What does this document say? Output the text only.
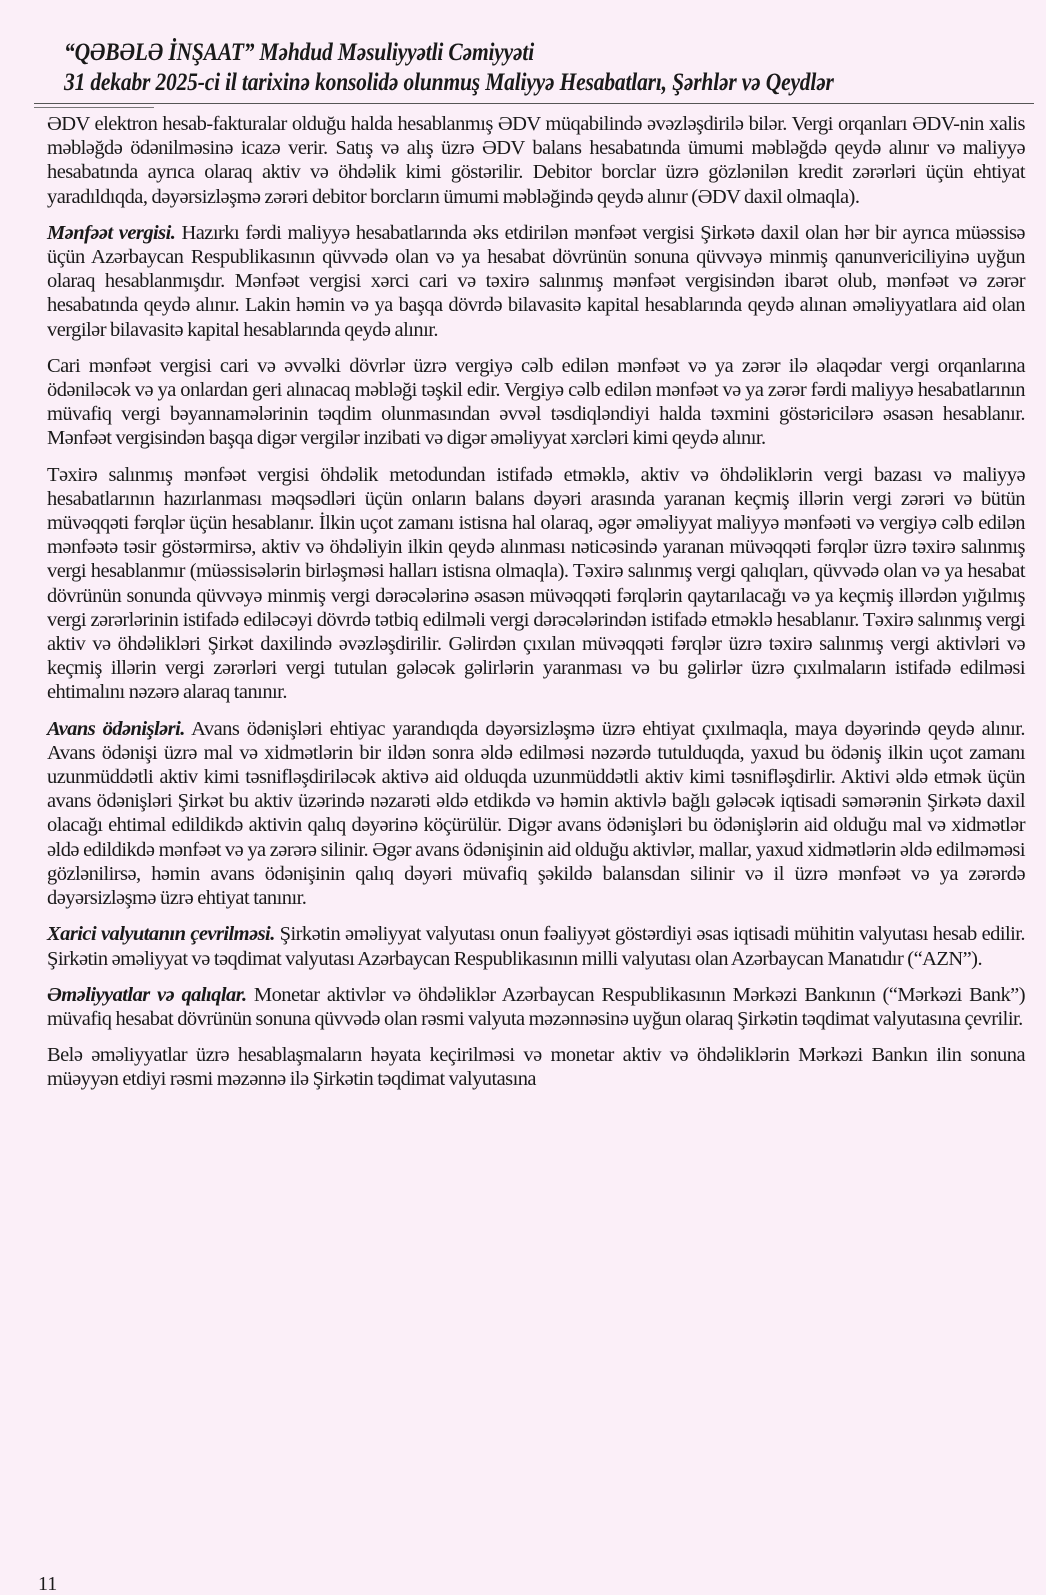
“QƏBƏLƏ İNŞAAT” Məhdud Məsuliyyətli Cəmiyyəti
31 dekabr 2025-ci il tarixinə konsolidə olunmuş Maliyyə Hesabatları, Şərhlər və Qeydlər

ƏDV elektron hesab-fakturalar olduğu halda hesablanmış ƏDV müqabilində əvəzləşdirilə bilər. Vergi orqanları ƏDV-nin xalis məbləğdə ödənilməsinə icazə verir. Satış və alış üzrə ƏDV balans hesabatında ümumi məbləğdə qeydə alınır və maliyyə hesabatında ayrıca olaraq aktiv və öhdəlik kimi göstərilir. Debitor borclar üzrə gözlənilən kredit zərərləri üçün ehtiyat yaradıldıqda, dəyərsizləşmə zərəri debitor borcların ümumi məbləğində qeydə alınır (ƏDV daxil olmaqla).

Mənfəət vergisi. Hazırkı fərdi maliyyə hesabatlarında əks etdirilən mənfəət vergisi Şirkətə daxil olan hər bir ayrıca müəssisə üçün Azərbaycan Respublikasının qüvvədə olan və ya hesabat dövrünün sonuna qüvvəyə minmiş qanunvericiliyinə uyğun olaraq hesablanmışdır. Mənfəət vergisi xərci cari və təxirə salınmış mənfəət vergisindən ibarət olub, mənfəət və zərər hesabatında qeydə alınır. Lakin həmin və ya başqa dövrdə bilavasitə kapital hesablarında qeydə alınan əməliyyatlara aid olan vergilər bilavasitə kapital hesablarında qeydə alınır.

Cari mənfəət vergisi cari və əvvəlki dövrlər üzrə vergiyə cəlb edilən mənfəət və ya zərər ilə əlaqədar vergi orqanlarına ödəniləcək və ya onlardan geri alınacaq məbləği təşkil edir. Vergiyə cəlb edilən mənfəət və ya zərər fərdi maliyyə hesabatlarının müvafiq vergi bəyannamələrinin təqdim olunmasından əvvəl təsdiqləndiyi halda təxmini göstəricilərə əsasən hesablanır. Mənfəət vergisindən başqa digər vergilər inzibati və digər əməliyyat xərcləri kimi qeydə alınır.

Təxirə salınmış mənfəət vergisi öhdəlik metodundan istifadə etməklə, aktiv və öhdəliklərin vergi bazası və maliyyə hesabatlarının hazırlanması məqsədləri üçün onların balans dəyəri arasında yaranan keçmiş illərin vergi zərəri və bütün müvəqqəti fərqlər üçün hesablanır. İlkin uçot zamanı istisna hal olaraq, əgər əməliyyat maliyyə mənfəəti və vergiyə cəlb edilən mənfəətə təsir göstərmirsə, aktiv və öhdəliyin ilkin qeydə alınması nəticəsində yaranan müvəqqəti fərqlər üzrə təxirə salınmış vergi hesablanmır (müəssisələrin birləşməsi halları istisna olmaqla). Təxirə salınmış vergi qalıqları, qüvvədə olan və ya hesabat dövrünün sonunda qüvvəyə minmiş vergi dərəcələrinə əsasən müvəqqəti fərqlərin qaytarılacağı və ya keçmiş illərdən yığılmış vergi zərərlərinin istifadə ediləcəyi dövrdə tətbiq edilməli vergi dərəcələrindən istifadə etməklə hesablanır. Təxirə salınmış vergi aktiv və öhdəlikləri Şirkət daxilində əvəzləşdirilir. Gəlirdən çıxılan müvəqqəti fərqlər üzrə təxirə salınmış vergi aktivləri və keçmiş illərin vergi zərərləri vergi tutulan gələcək gəlirlərin yaranması və bu gəlirlər üzrə çıxılmaların istifadə edilməsi ehtimalını nəzərə alaraq tanınır.

Avans ödənişləri. Avans ödənişləri ehtiyac yarandıqda dəyərsizləşmə üzrə ehtiyat çıxılmaqla, maya dəyərində qeydə alınır. Avans ödənişi üzrə mal və xidmətlərin bir ildən sonra əldə edilməsi nəzərdə tutulduqda, yaxud bu ödəniş ilkin uçot zamanı uzunmüddətli aktiv kimi təsnifləşdiriləcək aktivə aid olduqda uzunmüddətli aktiv kimi təsnifləşdirlir. Aktivi əldə etmək üçün avans ödənişləri Şirkət bu aktiv üzərində nəzarəti əldə etdikdə və həmin aktivlə bağlı gələcək iqtisadi səmərənin Şirkətə daxil olacağı ehtimal edildikdə aktivin qalıq dəyərinə köçürülür. Digər avans ödənişləri bu ödənişlərin aid olduğu mal və xidmətlər əldə edildikdə mənfəət və ya zərərə silinir. Əgər avans ödənişinin aid olduğu aktivlər, mallar, yaxud xidmətlərin əldə edilməməsi gözlənilirsə, həmin avans ödənişinin qalıq dəyəri müvafiq şəkildə balansdan silinir və il üzrə mənfəət və ya zərərdə dəyərsizləşmə üzrə ehtiyat tanınır.

Xarici valyutanın çevrilməsi. Şirkətin əməliyyat valyutası onun fəaliyyət göstərdiyi əsas iqtisadi mühitin valyutası hesab edilir. Şirkətin əməliyyat və təqdimat valyutası Azərbaycan Respublikasının milli valyutası olan Azərbaycan Manatıdır (“AZN”).

Əməliyyatlar və qalıqlar. Monetar aktivlər və öhdəliklər Azərbaycan Respublikasının Mərkəzi Bankının (“Mərkəzi Bank”) müvafiq hesabat dövrünün sonuna qüvvədə olan rəsmi valyuta məzənnəsinə uyğun olaraq Şirkətin təqdimat valyutasına çevrilir.

Belə əməliyyatlar üzrə hesablaşmaların həyata keçirilməsi və monetar aktiv və öhdəliklərin Mərkəzi Bankın ilin sonuna müəyyən etdiyi rəsmi məzənnə ilə Şirkətin təqdimat valyutasına

11
